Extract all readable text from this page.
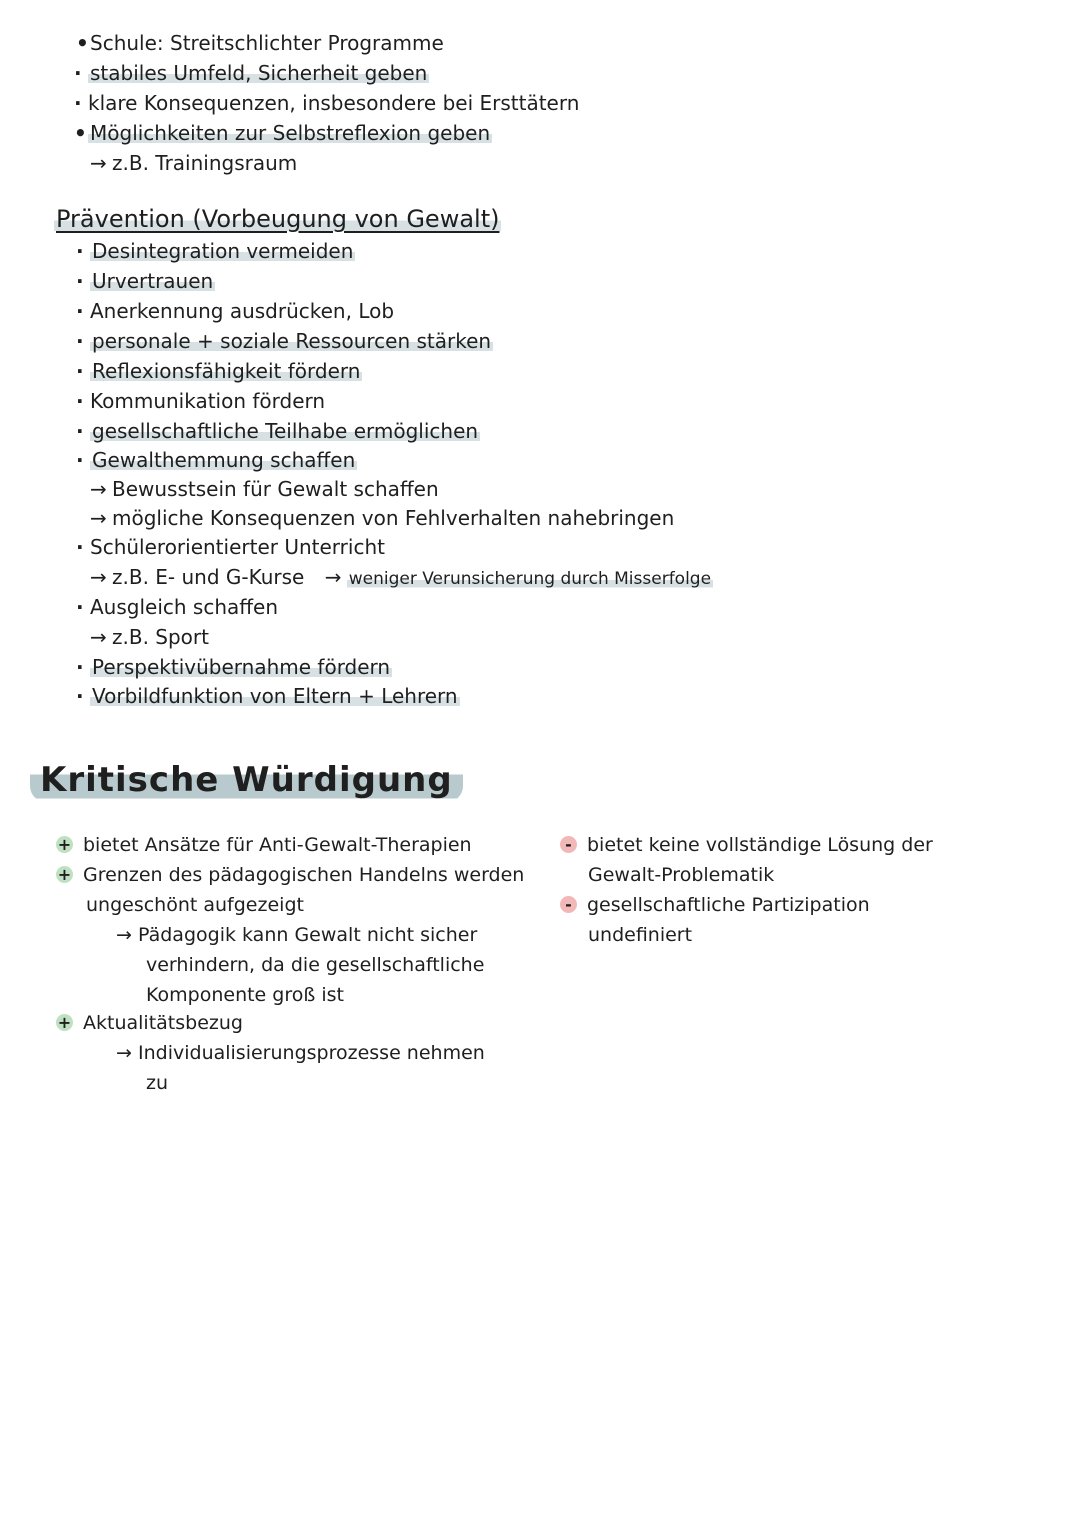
•Schule: Streitschlichter Programme
· stabiles Umfeld, Sicherheit geben
· klare Konsequenzen, insbesondere bei Ersttätern
• Möglichkeiten zur Selbstreflexion geben
→ z.B. Trainingsraum
Prävention (Vorbeugung von Gewalt)
· Desintegration vermeiden
· Urvertrauen
· Anerkennung ausdrücken, Lob
· personale + soziale Ressourcen stärken
· Reflexionsfähigkeit fördern
· Kommunikation fördern
· gesellschaftliche Teilhabe ermöglichen
· Gewalthemmung schaffen
→ Bewusstsein für Gewalt schaffen
→ mögliche Konsequenzen von Fehlverhalten nahebringen
· Schülerorientierter Unterricht
→ z.B. E- und G-Kurse → weniger Verunsicherung durch Misserfolge
· Ausgleich schaffen
→ z.B. Sport
· Perspektivübernahme fördern
· Vorbildfunktion von Eltern + Lehrern
Kritische Würdigung
+ bietet Ansätze für Anti-Gewalt-Therapien
+ Grenzen des pädagogischen Handelns werden
ungeschönt aufgezeigt
→ Pädagogik kann Gewalt nicht sicher
verhindern, da die gesellschaftliche
Komponente groß ist
+ Aktualitätsbezug
→ Individualisierungsprozesse nehmen
zu
- bietet keine vollständige Lösung der
Gewalt-Problematik
- gesellschaftliche Partizipation
undefiniert
